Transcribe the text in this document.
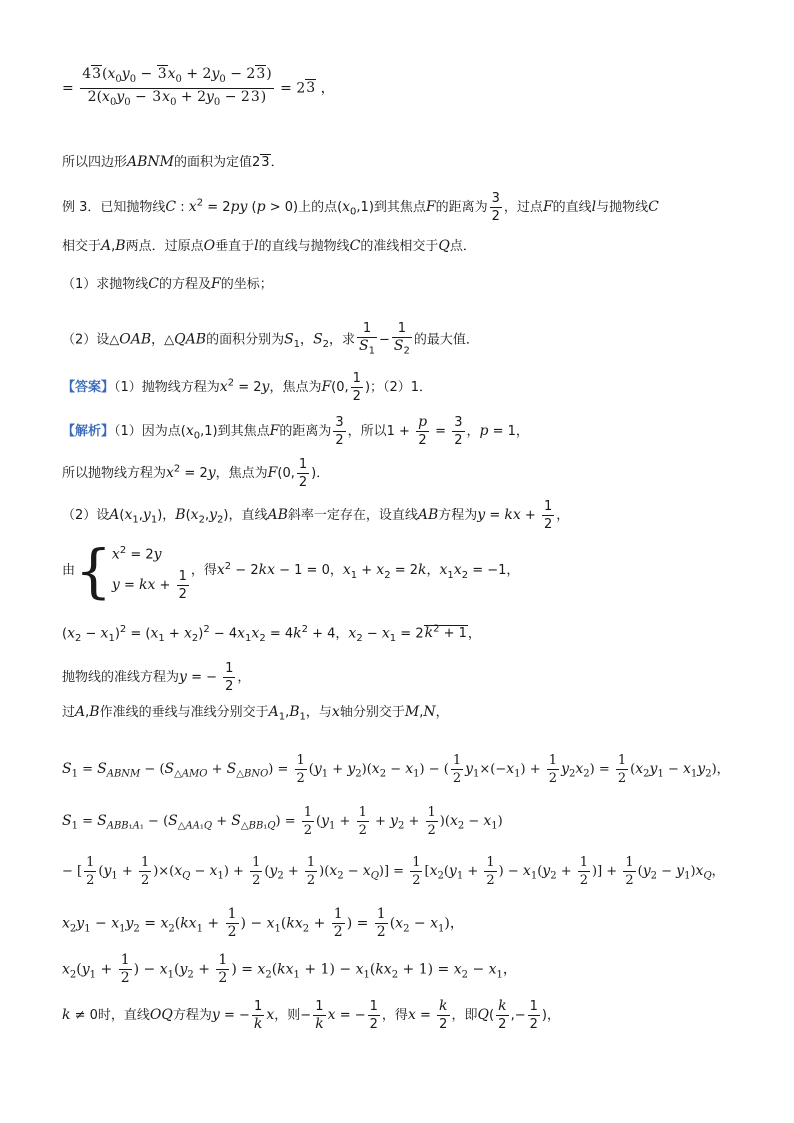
= $\frac{43(x_0y_0 - 3x_0 + 2y_0 - 23)}{2(x_0y_0 - 3x_0 + 2y_0 - 23)} = 23$ ，
所以四边形ABNM的面积为定值23．
例 3．已知抛物线C : $x^2 = 2py$ (p > 0)上的点$(x_0,1)$到其焦点F的距离为 $\frac{3}{2}$ ，过点F的直线l与抛物线C
相交于A,B两点．过原点O垂直于l的直线与抛物线C的准线相交于Q点．
（1）求抛物线C的方程及F的坐标；
（2）设△OAB，△QAB的面积分别为$S_1$，$S_2$，求 $\frac{1}{S_1} - \frac{1}{S_2}$ 的最大值．
【答案】（1）抛物线方程为$x^2 = 2y$，焦点为F(0, $\frac{1}{2}$ )；（2）1．
【解析】（1）因为点$(x_0,1)$到其焦点F的距离为 $\frac{3}{2}$ ，所以$1 + \frac{p}{2} = \frac{3}{2}$ ，p = 1，
所以抛物线方程为$x^2 = 2y$，焦点为F(0, $\frac{1}{2}$ )．
（2）设$A(x_1,y_1)$，$B(x_2,y_2)$，直线AB斜率一定存在，设直线AB方程为y = kx + $\frac{1}{2}$ ，
由{ $x^2 = 2y$
y = kx + $\frac{1}{2}$ ，得$x^2 - 2kx - 1 = 0$，$x_1 + x_2 = 2k$，$x_1x_2 = -1$，
$(x_2 - x_1)^2 = (x_1 + x_2)^2 - 4x_1x_2 = 4k^2 + 4$，$x_2 - x_1 = 2k^2 + 1$，
抛物线的准线方程为y = − $\frac{1}{2}$ ，
过A,B作准线的垂线与准线分别交于$A_1,B_1$，与x轴分别交于M,N，
$S_1 = S_{ABNM} - (S_{\triangle AMO} + S_{\triangle BNO}) = \frac{1}{2} (y_1 + y_2)(x_2 - x_1)$ − ( $\frac{1}{2} y_1\times(-x_1) + \frac{1}{2} y_2x_2) = \frac{1}{2} (x_2y_1 - x_1y_2)$，
$S_1 = S_{ABB_1A_1} - (S_{\triangle AA_1Q} + S_{\triangle BB_1Q}) = \frac{1}{2} (y_1 + \frac{1}{2} + y_2 + \frac{1}{2} )(x_2 - x_1)$
− [ $\frac{1}{2} (y_1 + \frac{1}{2} )\times(x_Q - x_1) + \frac{1}{2} (y_2 + \frac{1}{2} )(x_2 - x_Q)] = \frac{1}{2} [x_2(y_1 + \frac{1}{2}$ ) − $x_1(y_2 + \frac{1}{2}$ )] + $\frac{1}{2} (y_2 - y_1)x_Q$，
$x_2y_1 - x_1y_2 = x_2(kx_1 + \frac{1}{2}$ ) − $x_1(kx_2 + \frac{1}{2}$ ) = $\frac{1}{2} (x_2 - x_1)$，
$x_2(y_1 + \frac{1}{2}$ ) − $x_1(y_2 + \frac{1}{2}$ ) = $x_2(kx_1 + 1) - x_1(kx_2 + 1) = x_2 - x_1$，
k ≠ 0时，直线OQ方程为y = − $\frac{1}{k}$ x，则− $\frac{1}{k}$ x = − $\frac{1}{2}$ ，得$x = \frac{k}{2}$ ，即$Q( \frac{k}{2}$ ,− $\frac{1}{2}$ )，
